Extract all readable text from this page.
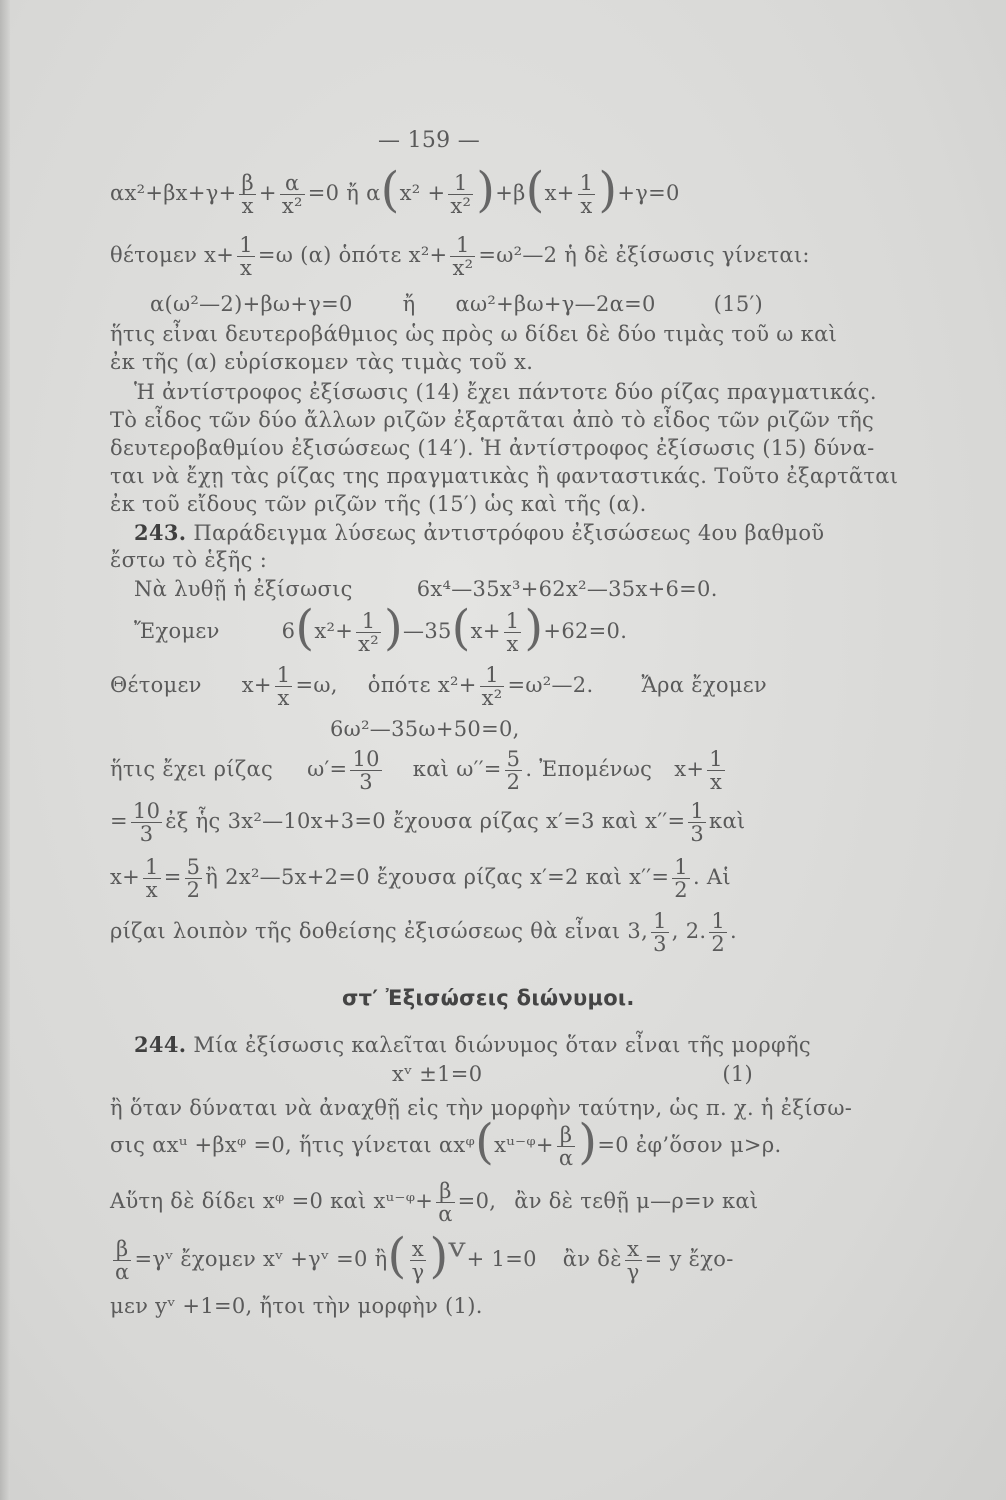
— 159 —
$\alpha x^2+\beta x+\gamma+ \frac{\beta}{x} + \frac{\alpha}{\text{x²}} =0$ ἤ $\alpha(x^2 + \frac{1}{\text{x²}} )+\beta(x+ \frac{1}{x} )+\gamma=0$
θέτομεν $x+ \frac{1}{x} =\omega$ (α) ὁπότε $x^2+ \frac{1}{\text{x²}}$ =ω²—2 ἡ δὲ ἐξίσωσις γίνεται:
α(ω²—2)+βω+γ=0 ἤ αω²+βω+γ—2α=0	(15′)
ἥτις εἶναι δευτεροβάθμιος ὡς πρὸς ω δίδει δὲ δύο τιμὰς τοῦ ω καὶ
ἐκ τῆς (α) εὑρίσκομεν τὰς τιμὰς τοῦ x.
Ἡ ἀντίστροφος ἐξίσωσις (14) ἔχει πάντοτε δύο ρίζας πραγματικάς.
Τὸ εἶδος τῶν δύο ἄλλων ριζῶν ἐξαρτᾶται ἀπὸ τὸ εἶδος τῶν ριζῶν τῆς
δευτεροβαθμίου ἐξισώσεως (14′). Ἡ ἀντίστροφος ἐξίσωσις (15) δύνα-
ται νὰ ἔχῃ τὰς ρίζας της πραγματικὰς ἢ φανταστικάς. Τοῦτο ἐξαρτᾶται
ἐκ τοῦ εἴδους τῶν ριζῶν τῆς (15′) ὡς καὶ τῆς (α).
243. Παράδειγμα λύσεως ἀντιστρόφου ἐξισώσεως 4ου βαθμοῦ
ἔστω τὸ ἑξῆς :
Νὰ λυθῇ ἡ ἐξίσωσις	6x⁴—35x³+62x²—35x+6=0.
Ἔχομεν	$6(x^2+ \frac{1}{\text{x²}}$ )—35(x+ $\frac{1}{x} )+62=0$.
Θέτομεν $x+ \frac{1}{x} =\omega$, ὁπότε $x^2+ \frac{1}{\text{x²}}$ =ω²—2. Ἄρα ἔχομεν
6ω²—35ω+50=0,
ἥτις ἔχει ρίζας $\omega'= \frac{10}{3}$ καὶ $\omega''= \frac{5}{2}$ . Ἐπομένως $x+ \frac{1}{x}$
= $\frac{10}{3}$ ἐξ ἧς 3x²—10x+3=0 ἔχουσα ρίζας x′=3 καὶ $x''= \frac{1}{3}$ καὶ
$x+ \frac{1}{x} = \frac{5}{2}$ ἢ 2x²—5x+2=0 ἔχουσα ρίζας x′=2 καὶ $x''= \frac{1}{2}$ . Αἱ
ρίζαι λοιπὸν τῆς δοθείσης ἐξισώσεως θὰ εἶναι 3, $\frac{1}{3}$ , 2. $\frac{1}{2}$ .
στ′ Ἐξισώσεις διώνυμοι.
244. Μία ἐξίσωσις καλεῖται διώνυμος ὅταν εἶναι τῆς μορφῆς
xᵛ ±1=0	(1)
ἢ ὅταν δύναται νὰ ἀναχθῇ εἰς τὴν μορφὴν ταύτην, ὡς π. χ. ἡ ἐξίσω-
σις αxᵘ +βxᵠ =0, ἥτις γίνεται αxᵠ(xᵘ⁻ᵠ+ $\frac{\beta}{\alpha} )=0$ ἐφ’ὅσον μ>ρ.
Αὕτη δὲ δίδει xᵠ =0 καὶ xᵘ⁻ᵠ+ $\frac{\beta}{\alpha} =0$, ἂν δὲ τεθῇ μ—ρ=ν καὶ
$\frac{\beta}{\alpha}$ =γᵛ ἔχομεν xᵛ +γᵛ =0 ἢ( $\frac{x}{\gamma}$ )ᵛ+ 1=0 ἂν δὲ $\frac{x}{\gamma} = y$ ἔχο-
μεν yᵛ +1=0, ἤτοι τὴν μορφὴν (1).
